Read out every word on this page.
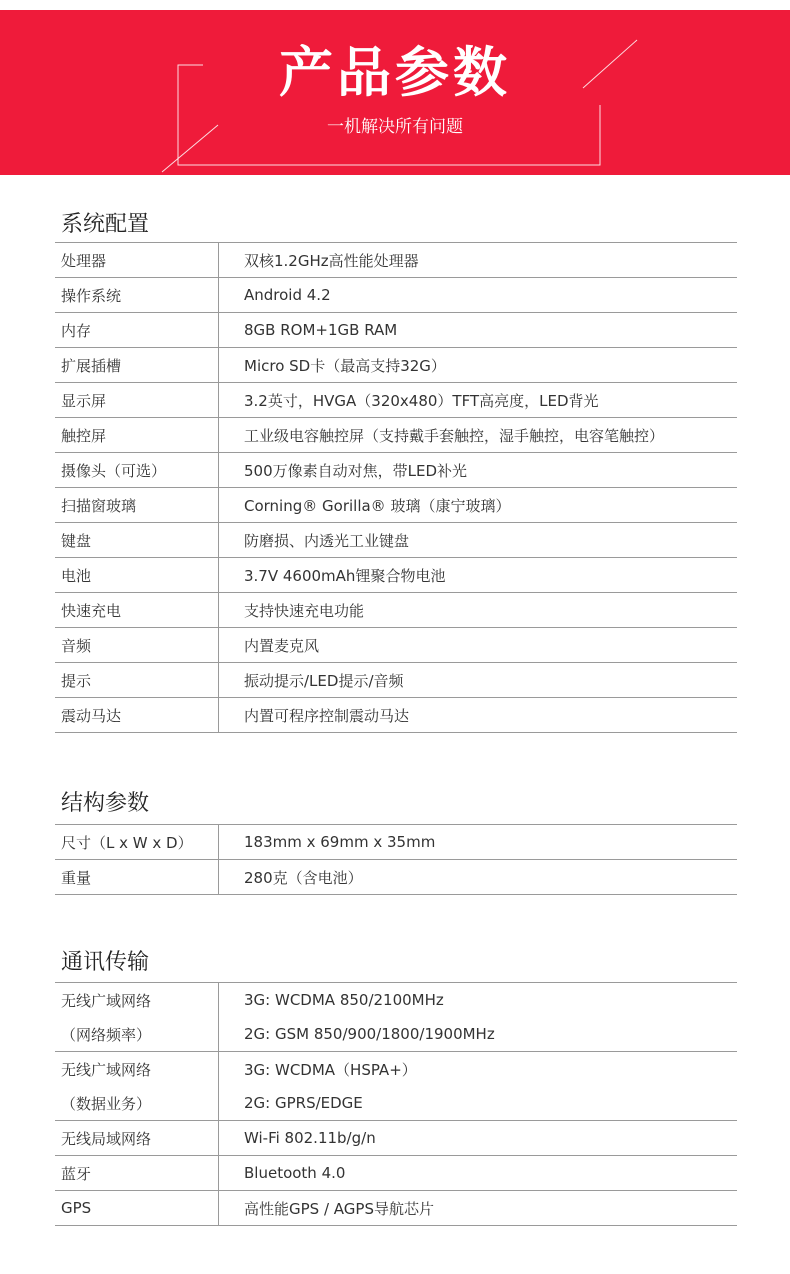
产品参数
一机解决所有问题
系统配置
处理器	双核1.2GHz高性能处理器
操作系统	Android 4.2
内存	8GB ROM+1GB RAM
扩展插槽	Micro SD卡（最高支持32G）
显示屏	3.2英寸，HVGA（320x480）TFT高亮度，LED背光
触控屏	工业级电容触控屏（支持戴手套触控，湿手触控，电容笔触控）
摄像头（可选）	500万像素自动对焦，带LED补光
扫描窗玻璃	Corning® Gorilla® 玻璃（康宁玻璃）
键盘	防磨损、内透光工业键盘
电池	3.7V 4600mAh锂聚合物电池
快速充电	支持快速充电功能
音频	内置麦克风
提示	振动提示/LED提示/音频
震动马达	内置可程序控制震动马达
结构参数
尺寸（L x W x D）	183mm x 69mm x 35mm
重量	280克（含电池）
通讯传输
无线广域网络	3G: WCDMA 850/2100MHz
（网络频率）	2G: GSM 850/900/1800/1900MHz
无线广域网络	3G: WCDMA（HSPA+）
（数据业务）	2G: GPRS/EDGE
无线局域网络	Wi-Fi 802.11b/g/n
蓝牙	Bluetooth 4.0
GPS	高性能GPS / AGPS导航芯片
